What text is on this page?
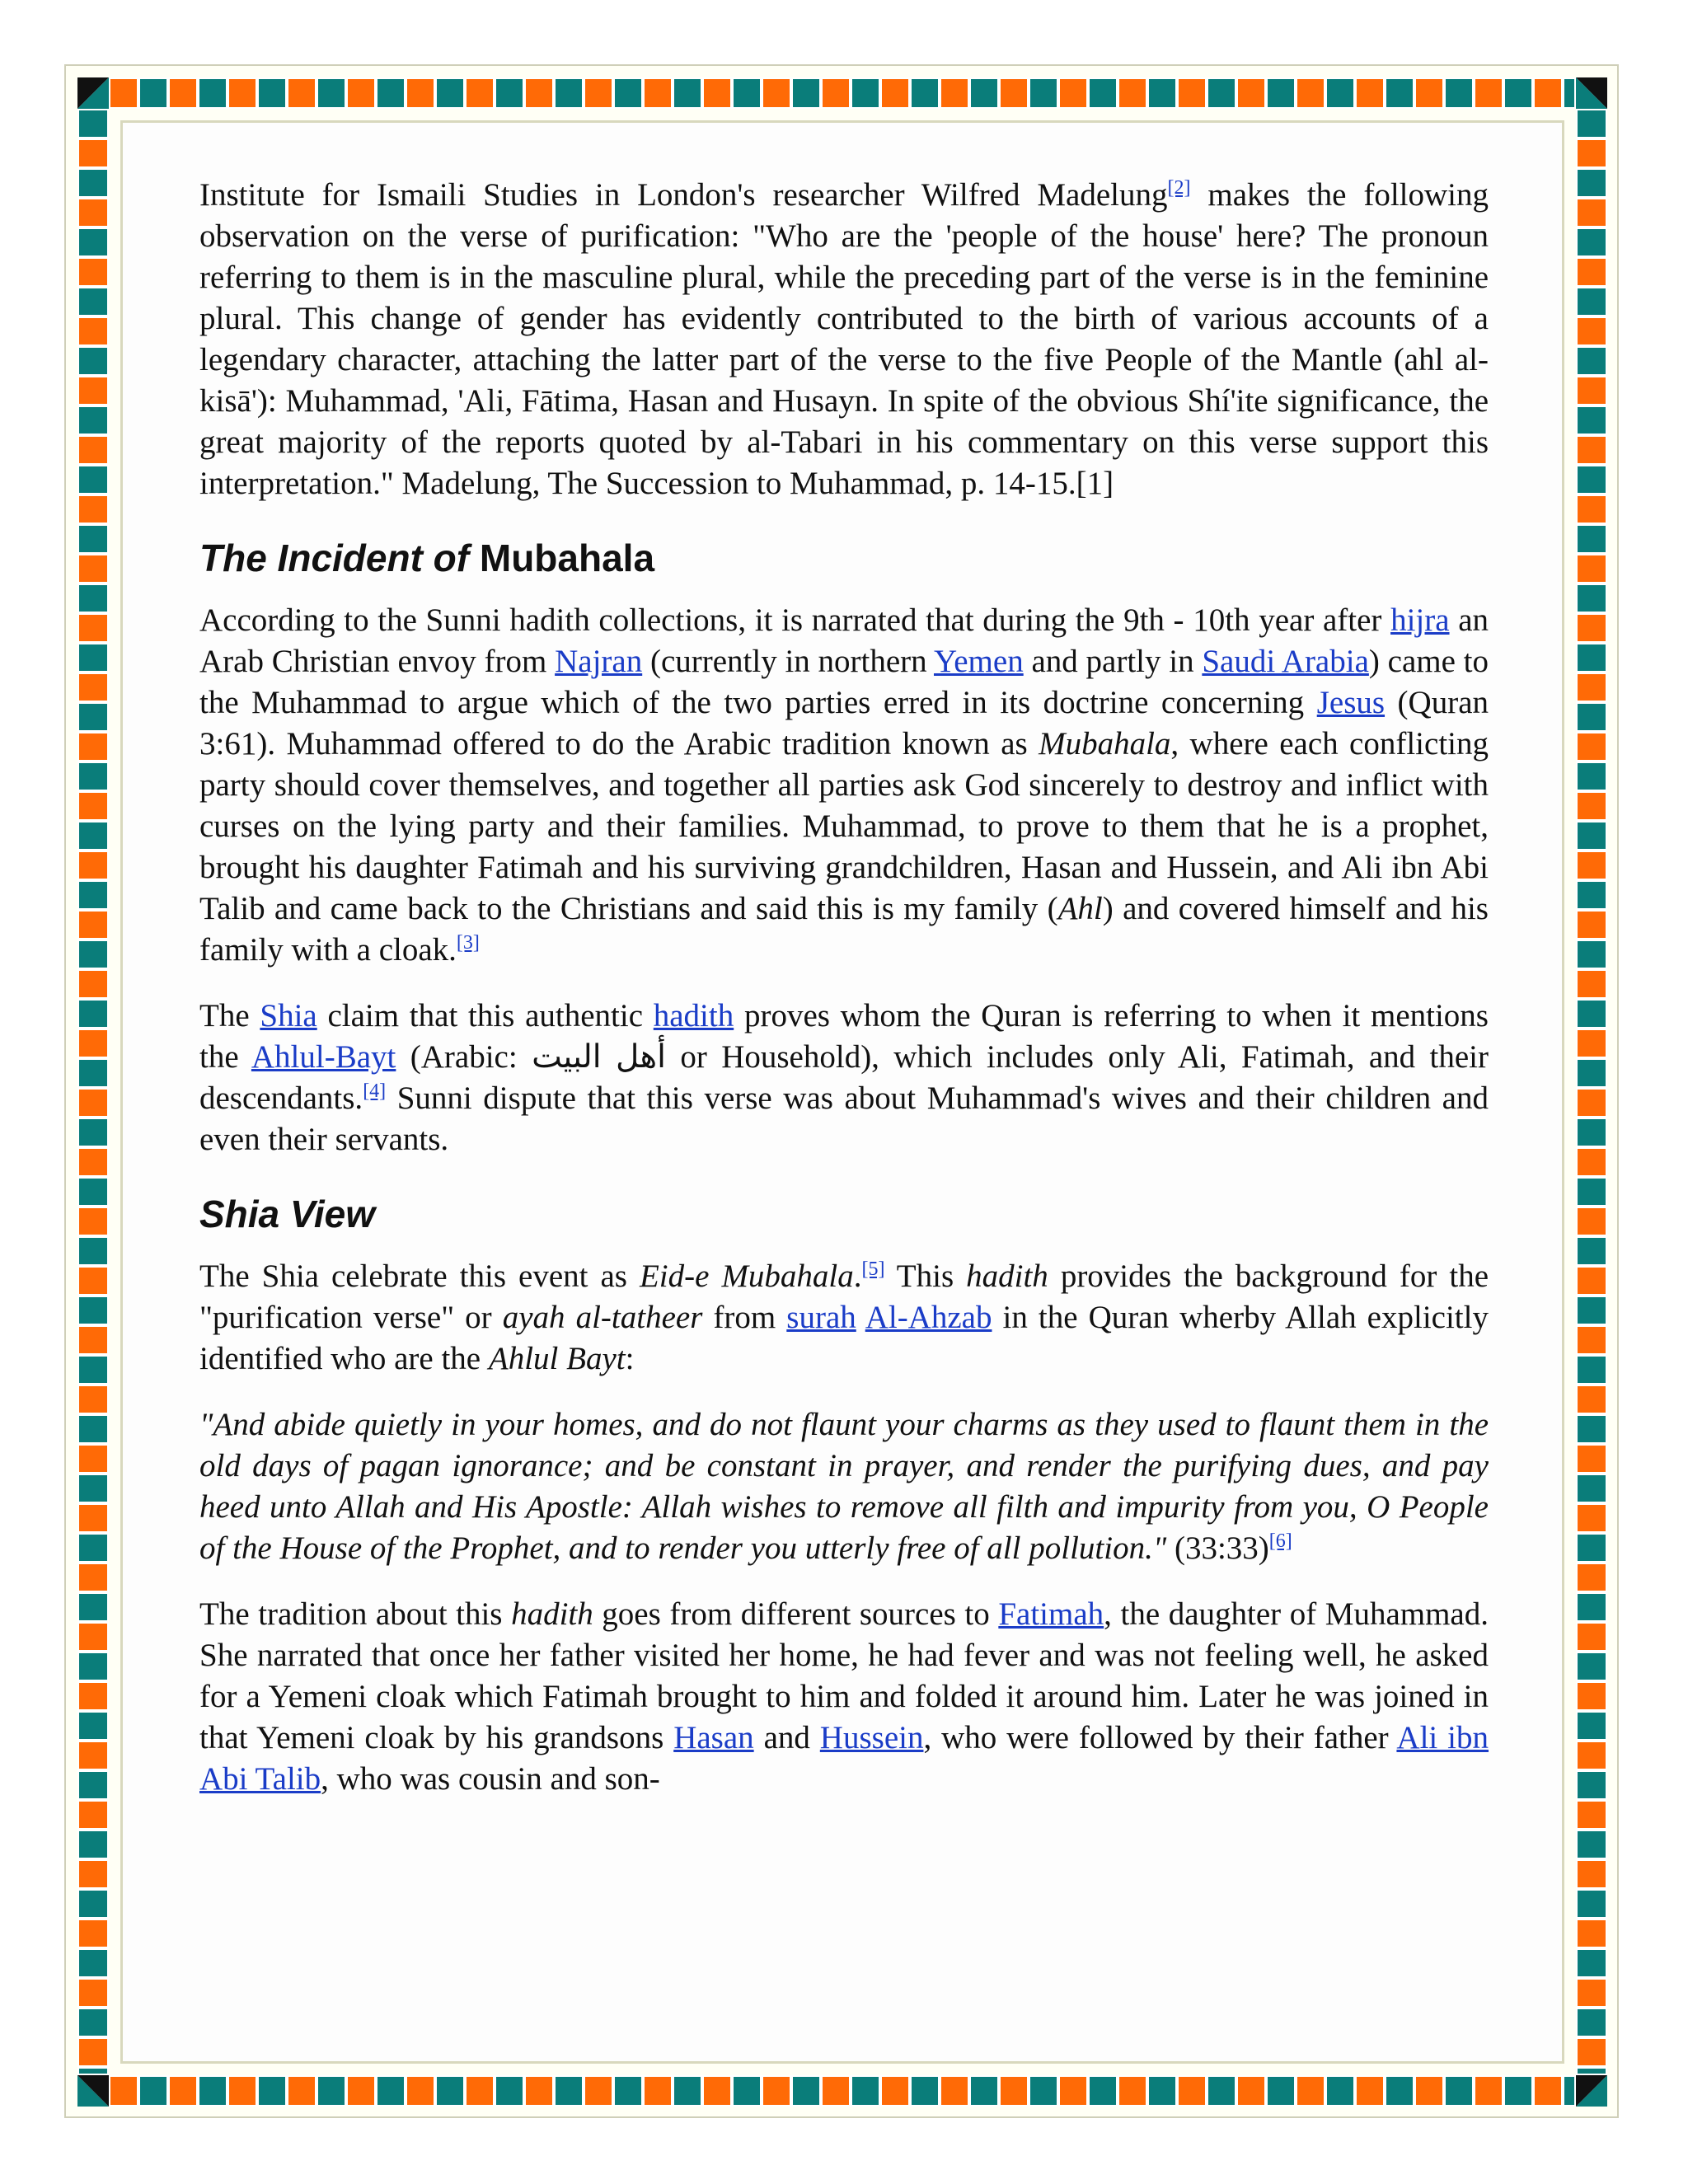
Institute for Ismaili Studies in London's researcher Wilfred Madelung[2] makes the following observation on the verse of purification: "Who are the 'people of the house' here? The pronoun referring to them is in the masculine plural, while the preceding part of the verse is in the feminine plural. This change of gender has evidently contributed to the birth of various accounts of a legendary character, attaching the latter part of the verse to the five People of the Mantle (ahl al-kisā'): Muhammad, 'Ali, Fātima, Hasan and Husayn. In spite of the obvious Shí'ite significance, the great majority of the reports quoted by al-Tabari in his commentary on this verse support this interpretation." Madelung, The Succession to Muhammad, p. 14-15.[1]

The Incident of Mubahala

According to the Sunni hadith collections, it is narrated that during the 9th - 10th year after hijra an Arab Christian envoy from Najran (currently in northern Yemen and partly in Saudi Arabia) came to the Muhammad to argue which of the two parties erred in its doctrine concerning Jesus (Quran 3:61). Muhammad offered to do the Arabic tradition known as Mubahala, where each conflicting party should cover themselves, and together all parties ask God sincerely to destroy and inflict with curses on the lying party and their families. Muhammad, to prove to them that he is a prophet, brought his daughter Fatimah and his surviving grandchildren, Hasan and Hussein, and Ali ibn Abi Talib and came back to the Christians and said this is my family (Ahl) and covered himself and his family with a cloak.[3]

The Shia claim that this authentic hadith proves whom the Quran is referring to when it mentions the Ahlul-Bayt (Arabic: أهل البيت or Household), which includes only Ali, Fatimah, and their descendants.[4] Sunni dispute that this verse was about Muhammad's wives and their children and even their servants.

Shia View

The Shia celebrate this event as Eid-e Mubahala.[5] This hadith provides the background for the "purification verse" or ayah al-tatheer from surah Al-Ahzab in the Quran wherby Allah explicitly identified who are the Ahlul Bayt:

"And abide quietly in your homes, and do not flaunt your charms as they used to flaunt them in the old days of pagan ignorance; and be constant in prayer, and render the purifying dues, and pay heed unto Allah and His Apostle: Allah wishes to remove all filth and impurity from you, O People of the House of the Prophet, and to render you utterly free of all pollution." (33:33)[6]

The tradition about this hadith goes from different sources to Fatimah, the daughter of Muhammad. She narrated that once her father visited her home, he had fever and was not feeling well, he asked for a Yemeni cloak which Fatimah brought to him and folded it around him. Later he was joined in that Yemeni cloak by his grandsons Hasan and Hussein, who were followed by their father Ali ibn Abi Talib, who was cousin and son-
